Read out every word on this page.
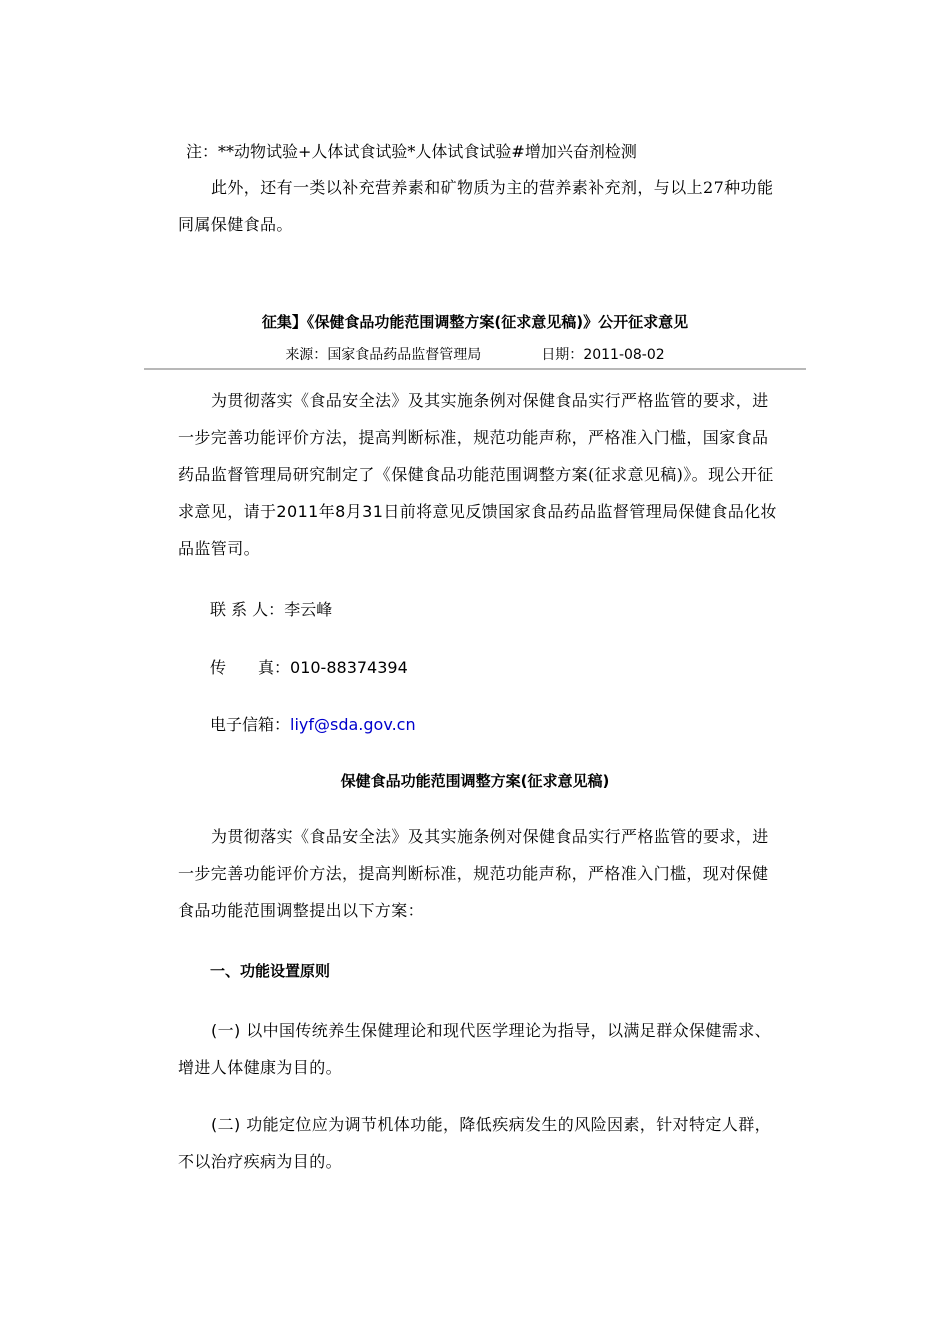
注：**动物试验+人体试食试验*人体试食试验#增加兴奋剂检测

此外，还有一类以补充营养素和矿物质为主的营养素补充剂，与以上27种功能同属保健食品。

征集】《保健食品功能范围调整方案(征求意见稿)》公开征求意见

来源：国家食品药品监督管理局	日期：2011-08-02

为贯彻落实《食品安全法》及其实施条例对保健食品实行严格监管的要求，进一步完善功能评价方法，提高判断标准，规范功能声称，严格准入门槛，国家食品药品监督管理局研究制定了《保健食品功能范围调整方案(征求意见稿)》。现公开征求意见，请于2011年8月31日前将意见反馈国家食品药品监督管理局保健食品化妆品监管司。

联 系 人：李云峰

传　　真：010-88374394

电子信箱：liyf@sda.gov.cn

保健食品功能范围调整方案(征求意见稿)

为贯彻落实《食品安全法》及其实施条例对保健食品实行严格监管的要求，进一步完善功能评价方法，提高判断标准，规范功能声称，严格准入门槛，现对保健食品功能范围调整提出以下方案：

一、功能设置原则

(一) 以中国传统养生保健理论和现代医学理论为指导，以满足群众保健需求、增进人体健康为目的。

(二) 功能定位应为调节机体功能，降低疾病发生的风险因素，针对特定人群，不以治疗疾病为目的。
